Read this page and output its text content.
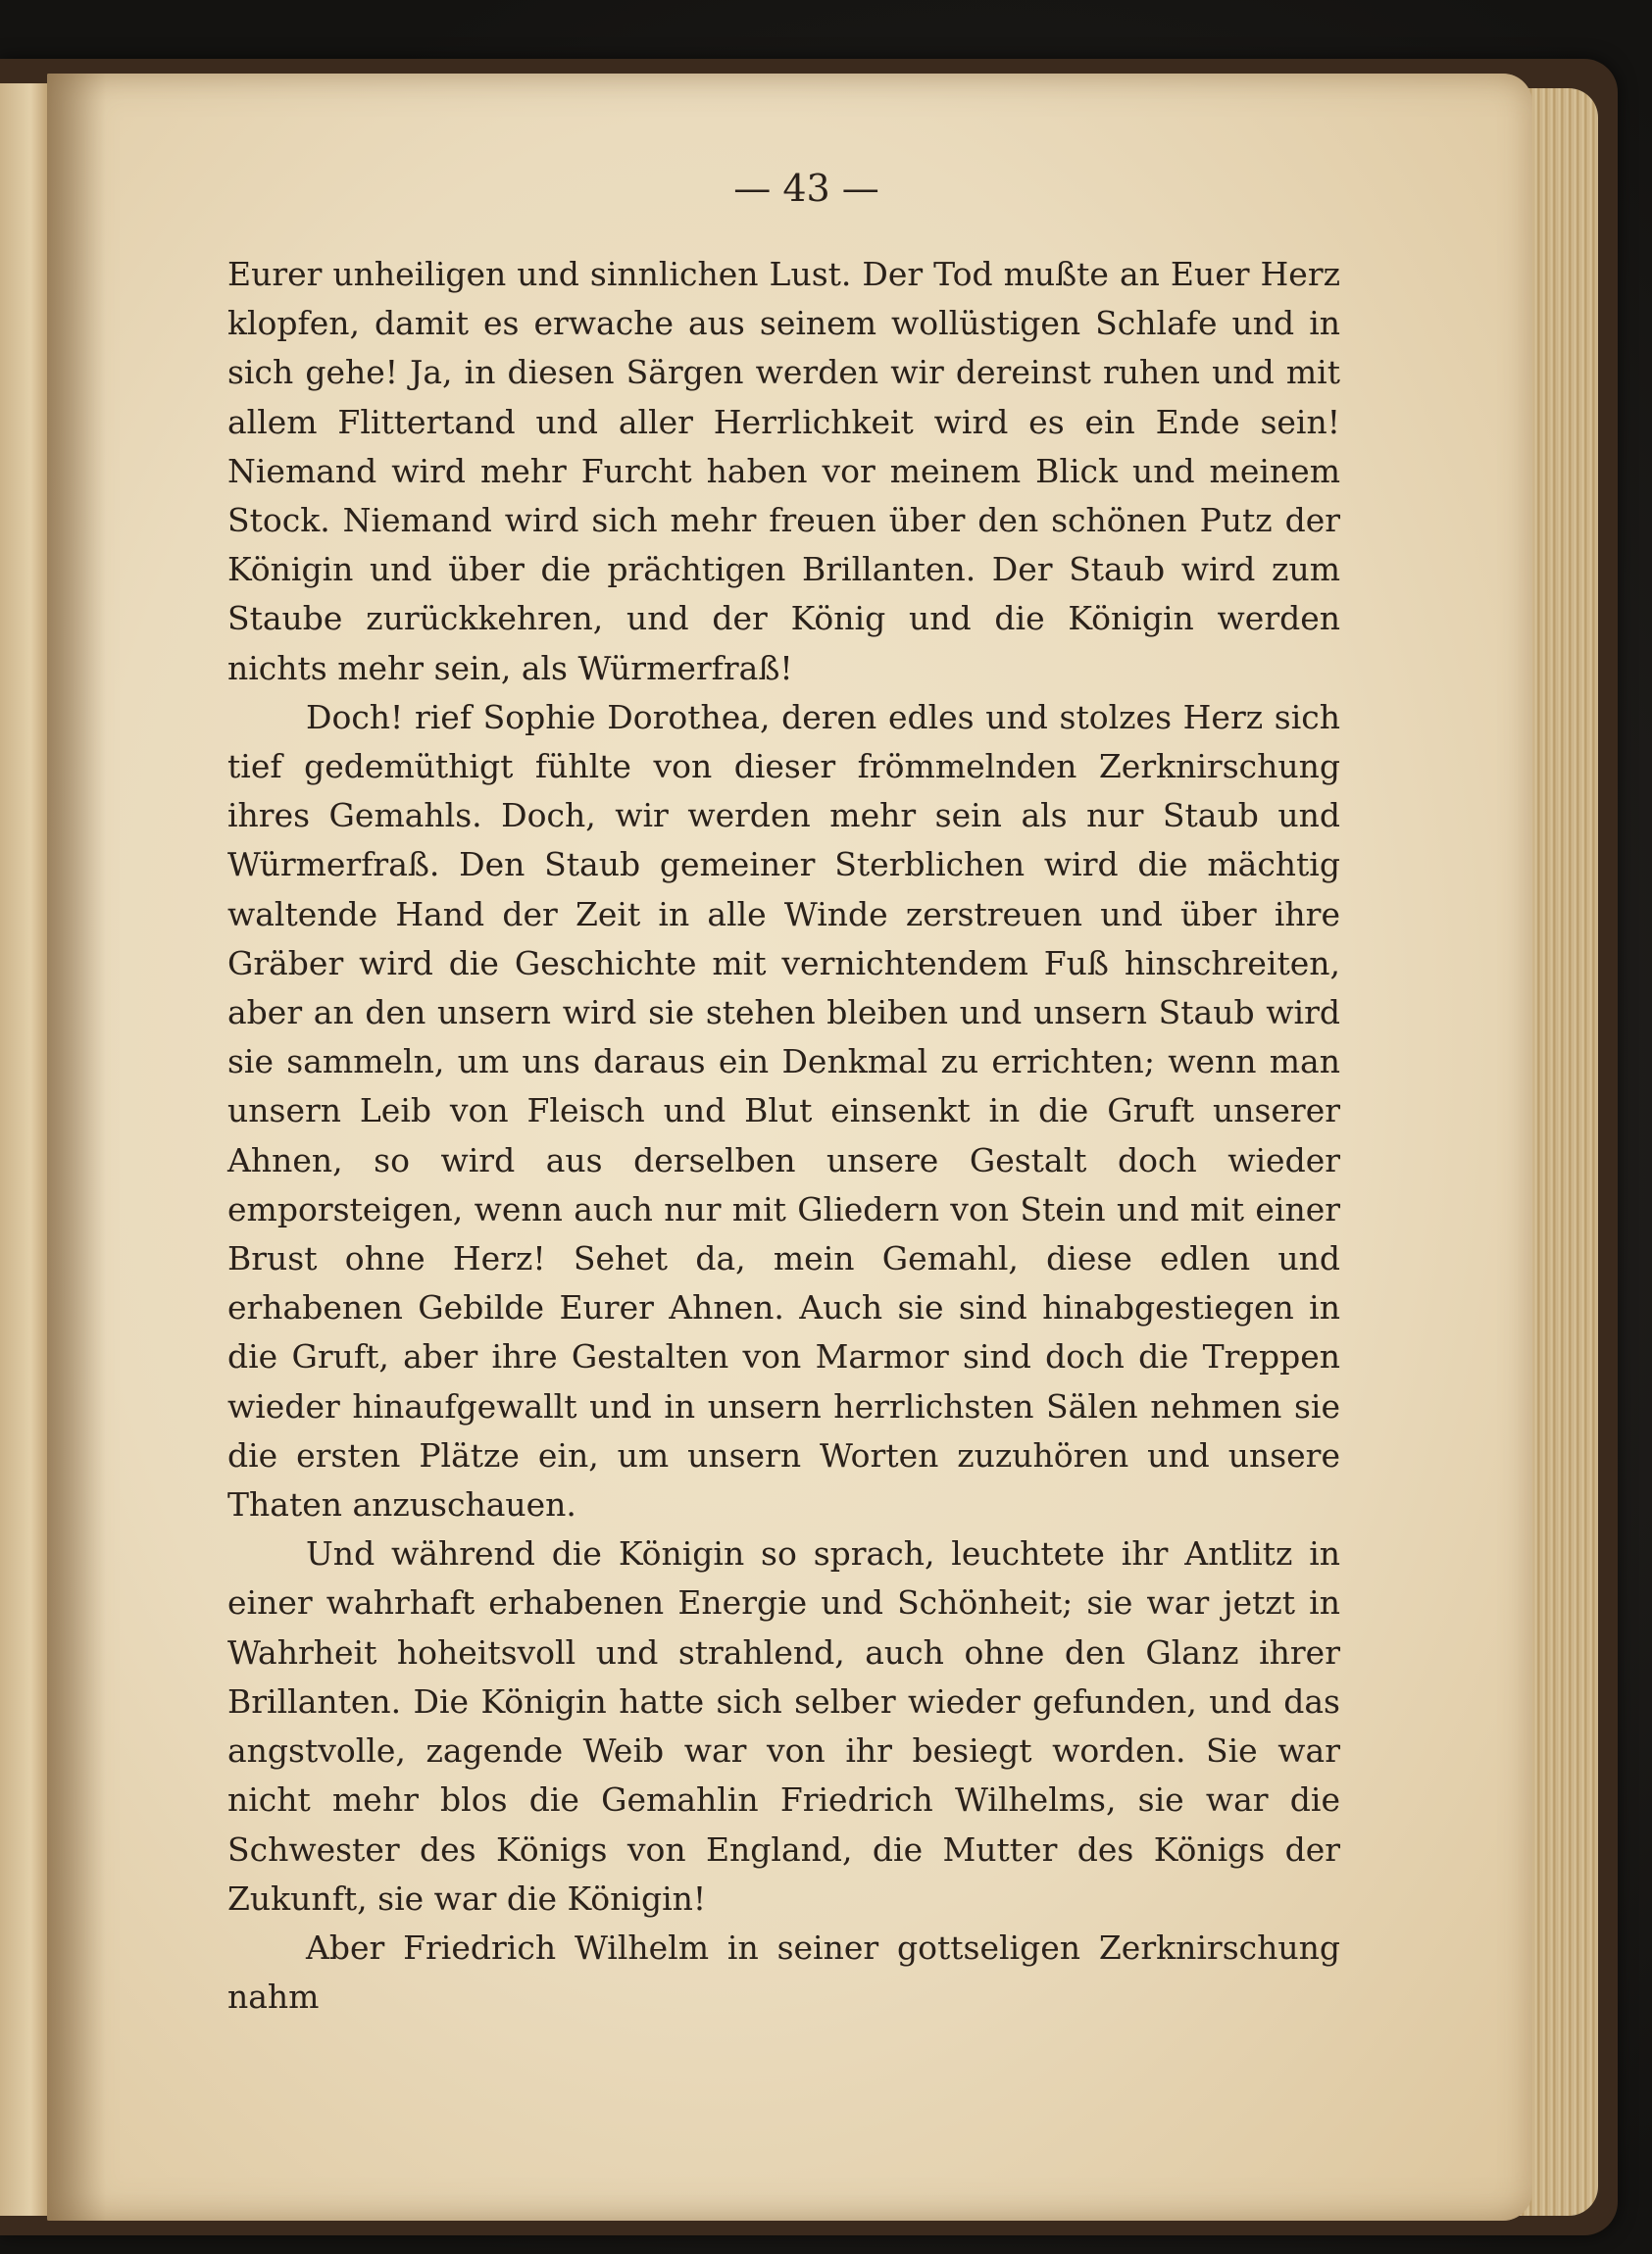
— 43 —

Eurer unheiligen und sinnlichen Lust. Der Tod mußte an Euer Herz klopfen, damit es erwache aus seinem wollüstigen Schlafe und in sich gehe! Ja, in diesen Särgen werden wir dereinst ruhen und mit allem Flittertand und aller Herrlichkeit wird es ein Ende sein! Niemand wird mehr Furcht haben vor meinem Blick und meinem Stock. Niemand wird sich mehr freuen über den schönen Putz der Königin und über die prächtigen Brillanten. Der Staub wird zum Staube zurückkehren, und der König und die Königin werden nichts mehr sein, als Würmerfraß!

Doch! rief Sophie Dorothea, deren edles und stolzes Herz sich tief gedemüthigt fühlte von dieser frömmelnden Zerknirschung ihres Gemahls. Doch, wir werden mehr sein als nur Staub und Würmerfraß. Den Staub gemeiner Sterblichen wird die mächtig waltende Hand der Zeit in alle Winde zerstreuen und über ihre Gräber wird die Geschichte mit vernichtendem Fuß hinschreiten, aber an den unsern wird sie stehen bleiben und unsern Staub wird sie sammeln, um uns daraus ein Denkmal zu errichten; wenn man unsern Leib von Fleisch und Blut einsenkt in die Gruft unserer Ahnen, so wird aus derselben unsere Gestalt doch wieder emporsteigen, wenn auch nur mit Gliedern von Stein und mit einer Brust ohne Herz! Sehet da, mein Gemahl, diese edlen und erhabenen Gebilde Eurer Ahnen. Auch sie sind hinabgestiegen in die Gruft, aber ihre Gestalten von Marmor sind doch die Treppen wieder hinaufgewallt und in unsern herrlichsten Sälen nehmen sie die ersten Plätze ein, um unsern Worten zuzuhören und unsere Thaten anzuschauen.

Und während die Königin so sprach, leuchtete ihr Antlitz in einer wahrhaft erhabenen Energie und Schönheit; sie war jetzt in Wahrheit hoheitsvoll und strahlend, auch ohne den Glanz ihrer Brillanten. Die Königin hatte sich selber wieder gefunden, und das angstvolle, zagende Weib war von ihr besiegt worden. Sie war nicht mehr blos die Gemahlin Friedrich Wilhelms, sie war die Schwester des Königs von England, die Mutter des Königs der Zukunft, sie war die Königin!

Aber Friedrich Wilhelm in seiner gottseligen Zerknirschung nahm
